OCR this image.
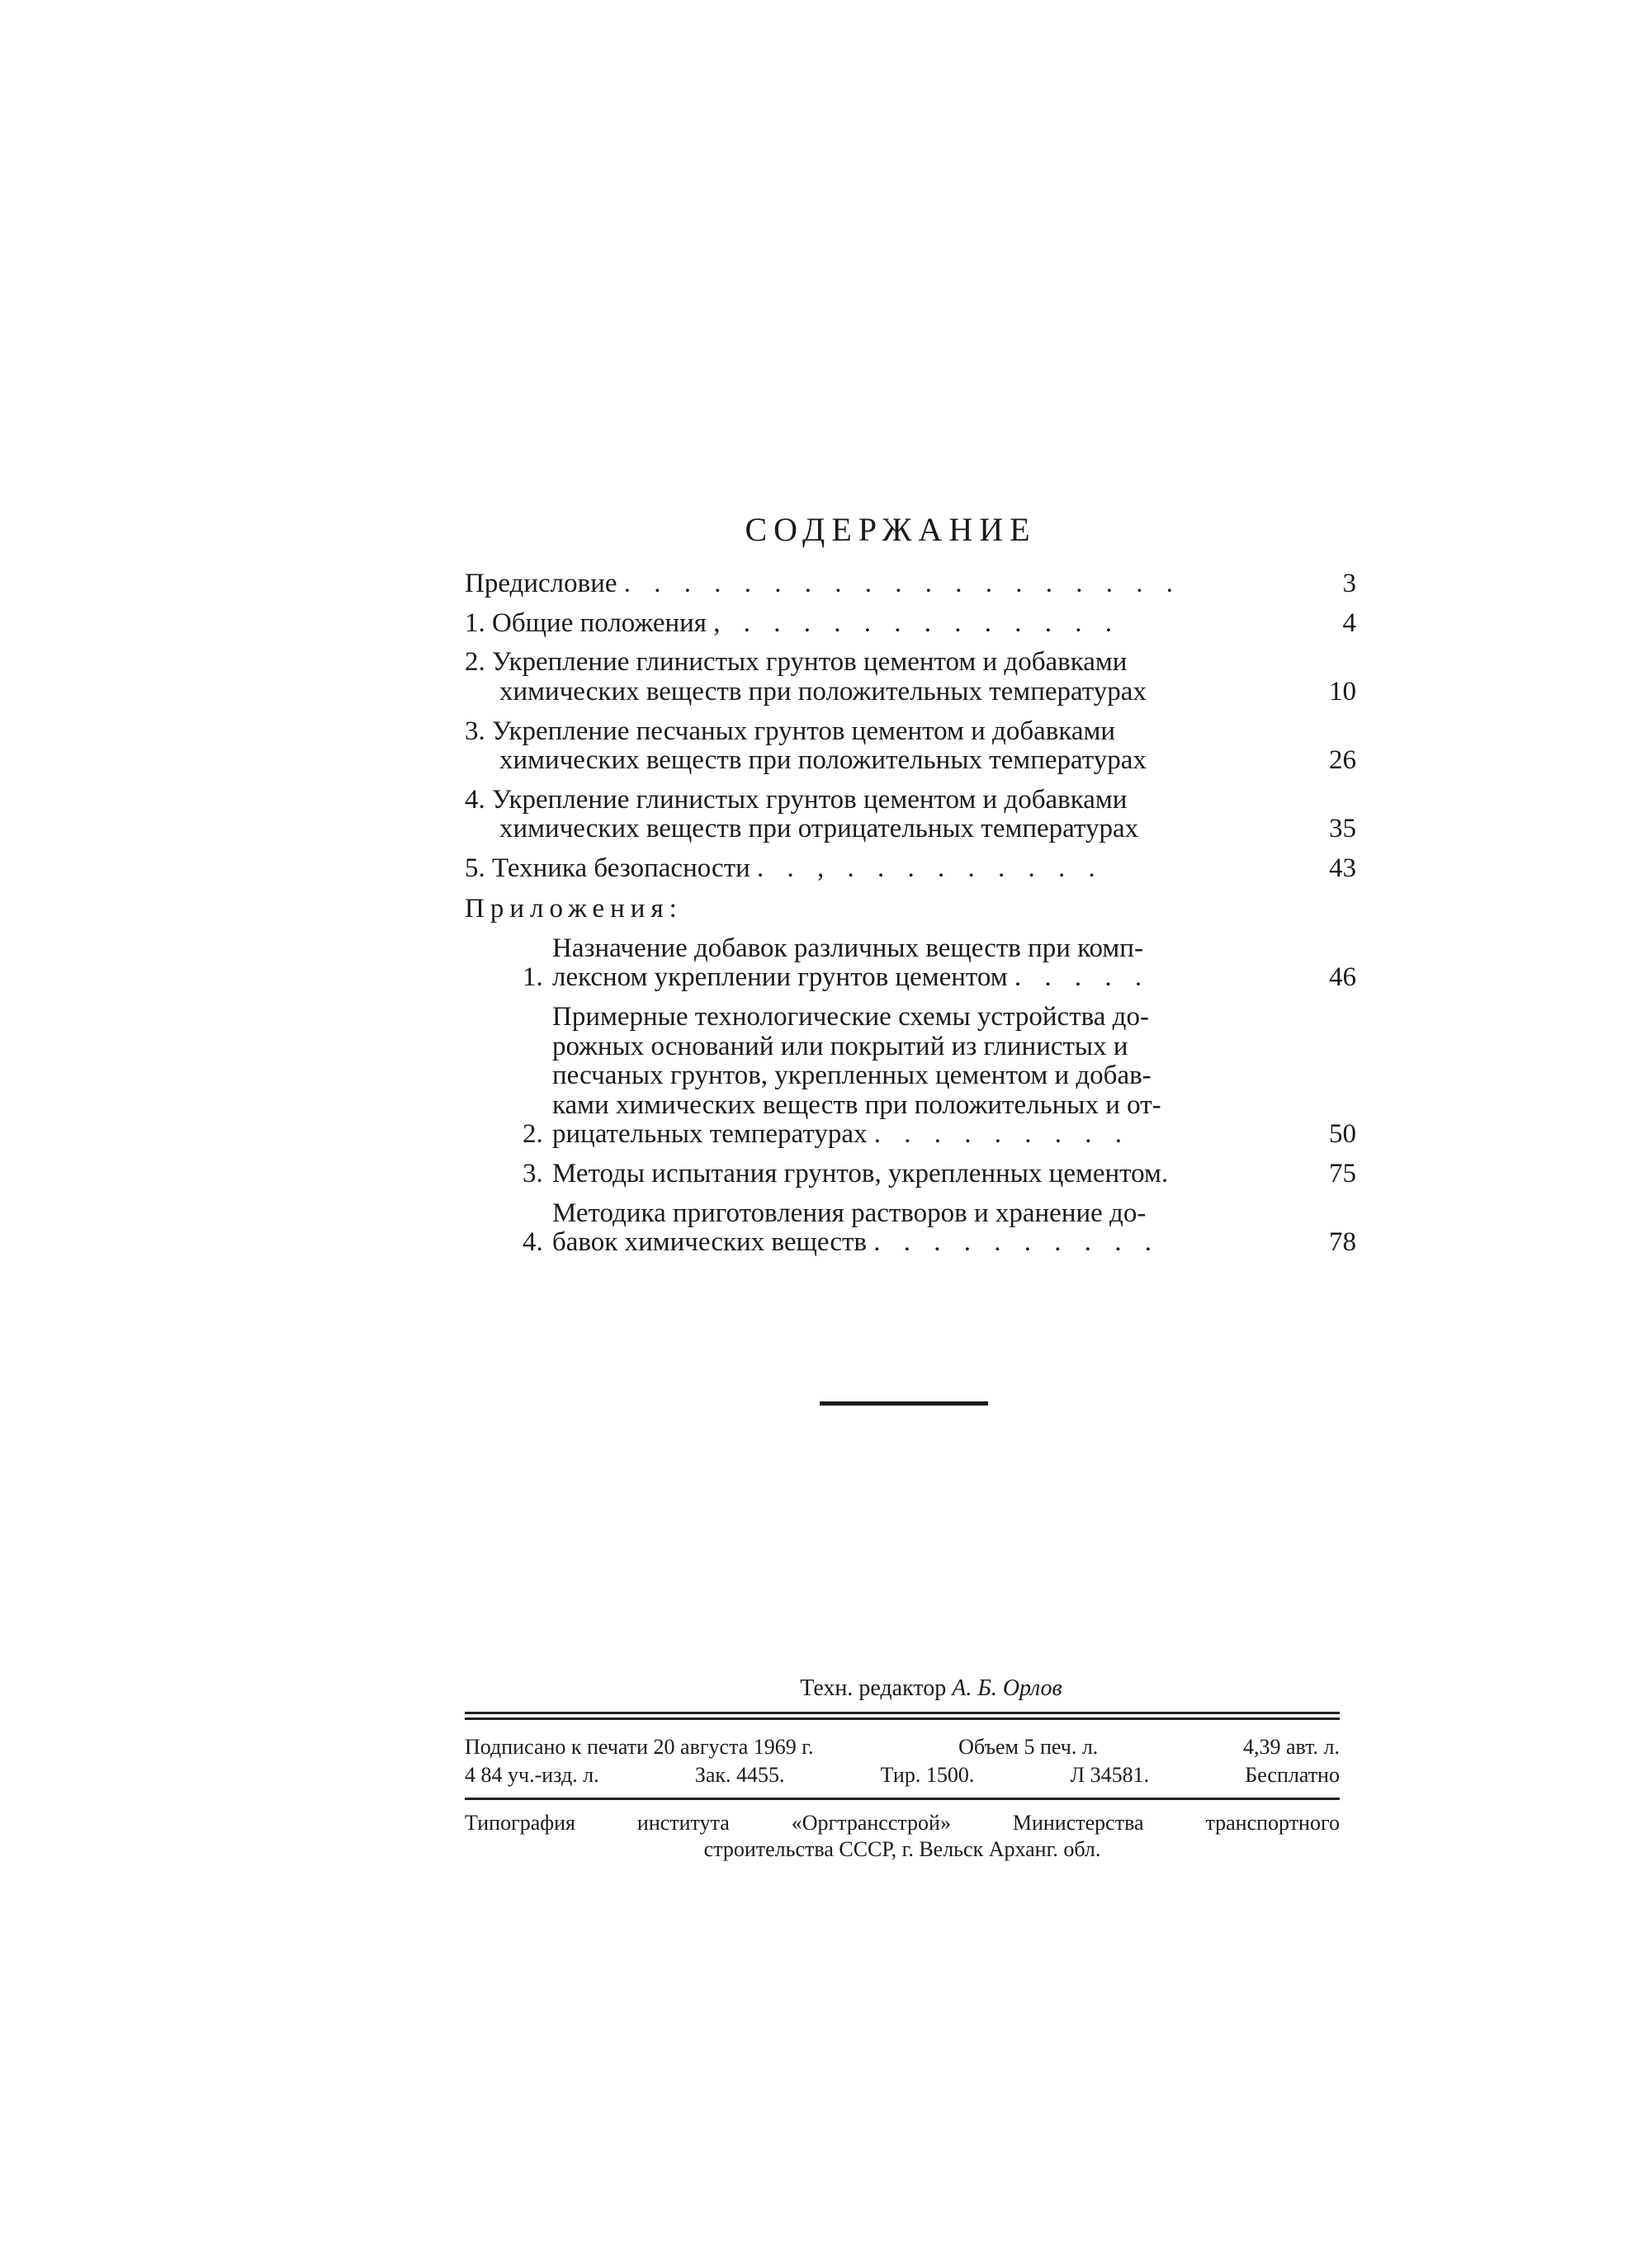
СОДЕРЖАНИЕ
Предисловие . . . . . . . . . . . . . . . . . . .	3
1. Общие положения , . . . . . . . . . . . . .	4
2. Укрепление глинистых грунтов цементом и добавками
химических веществ при положительных температурах	10
3. Укрепление песчаных грунтов цементом и добавками
химических веществ при положительных температурах	26
4. Укрепление глинистых грунтов цементом и добавками
химических веществ при отрицательных температурах	35
5. Техника безопасности . . , . . . . . . . . .	43
Приложения:
1.
Назначение добавок различных веществ при комп-
лексном укреплении грунтов цементом . . . . .	46
2.
Примерные технологические схемы устройства до-
рожных оснований или покрытий из глинистых и
песчаных грунтов, укрепленных цементом и добав-
ками химических веществ при положительных и от-
рицательных температурах . . . . . . . . .	50
3. Методы испытания грунтов, укрепленных цементом.	75
4.
Методика приготовления растворов и хранение до-
бавок химических веществ . . . . . . . . . .	78
Техн. редактор А. Б. Орлов
Подписано к печати 20 августа 1969 г.	Объем 5 печ. л.	4,39 авт. л.
4 84 уч.-изд. л.	Зак. 4455.	Тир. 1500.	Л 34581.	Бесплатно
Типография института «Оргтрансстрой» Министерства транспортного
строительства СССР, г. Вельск Арханг. обл.
